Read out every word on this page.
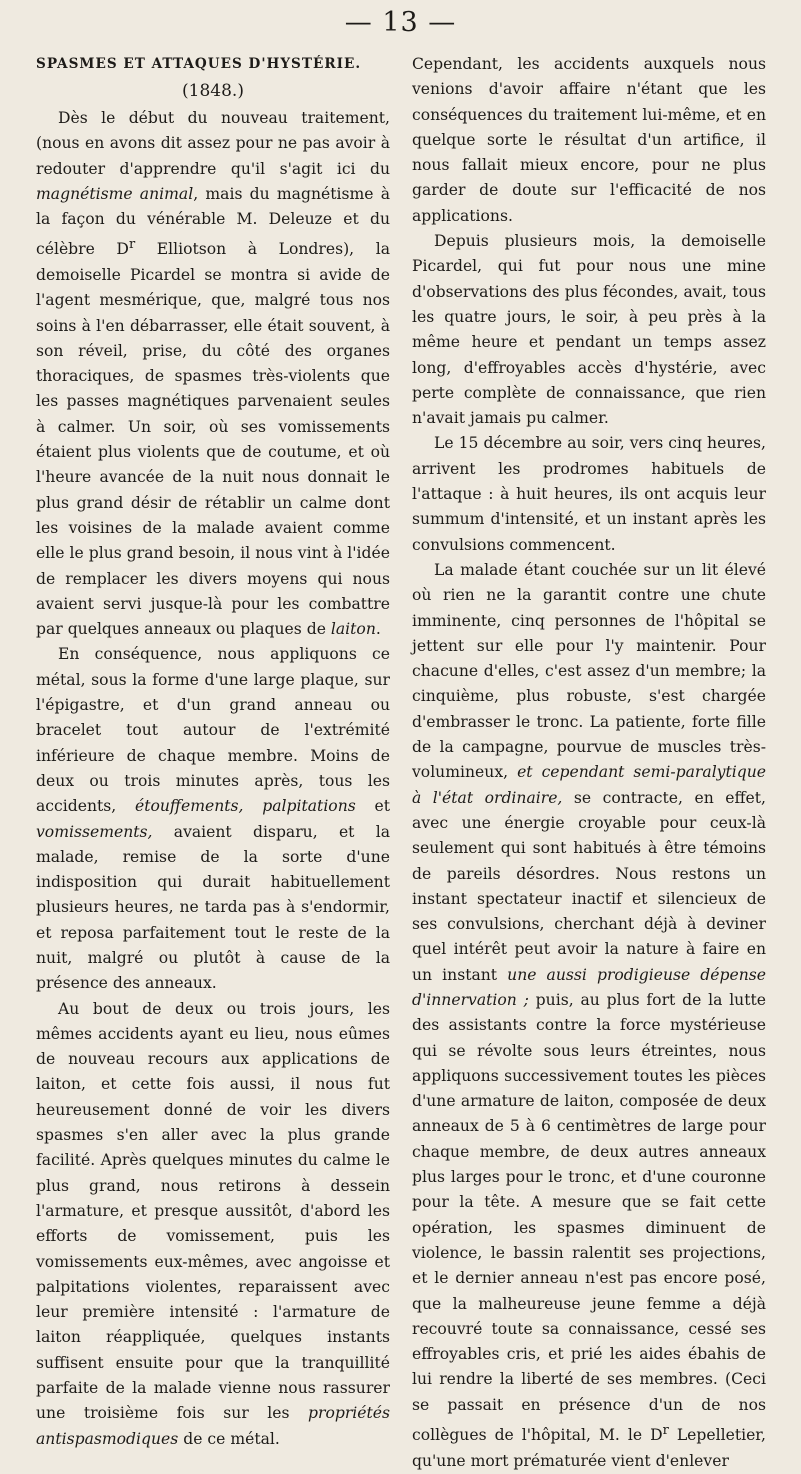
— 13 —
SPASMES ET ATTAQUES D'HYSTÉRIE.
(1848.)

Dès le début du nouveau traitement, (nous en avons dit assez pour ne pas avoir à redouter d'apprendre qu'il s'agit ici du magnétisme animal, mais du magnétisme à la façon du vénérable M. Deleuze et du célèbre $D^r$ Elliotson à Londres), la demoiselle Picardel se montra si avide de l'agent mesmérique, que, malgré tous nos soins à l'en débarrasser, elle était souvent, à son réveil, prise, du côté des organes thoraciques, de spasmes très-violents que les passes magnétiques parvenaient seules à calmer. Un soir, où ses vomissements étaient plus violents que de coutume, et où l'heure avancée de la nuit nous donnait le plus grand désir de rétablir un calme dont les voisines de la malade avaient comme elle le plus grand besoin, il nous vint à l'idée de remplacer les divers moyens qui nous avaient servi jusque-là pour les combattre par quelques anneaux ou plaques de laiton.

En conséquence, nous appliquons ce métal, sous la forme d'une large plaque, sur l'épigastre, et d'un grand anneau ou bracelet tout autour de l'extrémité inférieure de chaque membre. Moins de deux ou trois minutes après, tous les accidents, étouffements, palpitations et vomissements, avaient disparu, et la malade, remise de la sorte d'une indisposition qui durait habituellement plusieurs heures, ne tarda pas à s'endormir, et reposa parfaitement tout le reste de la nuit, malgré ou plutôt à cause de la présence des anneaux.

Au bout de deux ou trois jours, les mêmes accidents ayant eu lieu, nous eûmes de nouveau recours aux applications de laiton, et cette fois aussi, il nous fut heureusement donné de voir les divers spasmes s'en aller avec la plus grande facilité. Après quelques minutes du calme le plus grand, nous retirons à dessein l'armature, et presque aussitôt, d'abord les efforts de vomissement, puis les vomissements eux-mêmes, avec angoisse et palpitations violentes, reparaissent avec leur première intensité : l'armature de laiton réappliquée, quelques instants suffisent ensuite pour que la tranquillité parfaite de la malade vienne nous rassurer une troisième fois sur les propriétés antispasmodiques de ce métal.

Cependant, les accidents auxquels nous venions d'avoir affaire n'étant que les conséquences du traitement lui-même, et en quelque sorte le résultat d'un artifice, il nous fallait mieux encore, pour ne plus garder de doute sur l'efficacité de nos applications.

Depuis plusieurs mois, la demoiselle Picardel, qui fut pour nous une mine d'observations des plus fécondes, avait, tous les quatre jours, le soir, à peu près à la même heure et pendant un temps assez long, d'effroyables accès d'hystérie, avec perte complète de connaissance, que rien n'avait jamais pu calmer.

Le 15 décembre au soir, vers cinq heures, arrivent les prodromes habituels de l'attaque : à huit heures, ils ont acquis leur summum d'intensité, et un instant après les convulsions commencent.

La malade étant couchée sur un lit élevé où rien ne la garantit contre une chute imminente, cinq personnes de l'hôpital se jettent sur elle pour l'y maintenir. Pour chacune d'elles, c'est assez d'un membre; la cinquième, plus robuste, s'est chargée d'embrasser le tronc. La patiente, forte fille de la campagne, pourvue de muscles très-volumineux, et cependant semi-paralytique à l'état ordinaire, se contracte, en effet, avec une énergie croyable pour ceux-là seulement qui sont habitués à être témoins de pareils désordres. Nous restons un instant spectateur inactif et silencieux de ses convulsions, cherchant déjà à deviner quel intérêt peut avoir la nature à faire en un instant une aussi prodigieuse dépense d'innervation ; puis, au plus fort de la lutte des assistants contre la force mystérieuse qui se révolte sous leurs étreintes, nous appliquons successivement toutes les pièces d'une armature de laiton, composée de deux anneaux de 5 à 6 centimètres de large pour chaque membre, de deux autres anneaux plus larges pour le tronc, et d'une couronne pour la tête. A mesure que se fait cette opération, les spasmes diminuent de violence, le bassin ralentit ses projections, et le dernier anneau n'est pas encore posé, que la malheureuse jeune femme a déjà recouvré toute sa connaissance, cessé ses effroyables cris, et prié les aides ébahis de lui rendre la liberté de ses membres. (Ceci se passait en présence d'un de nos collègues de l'hôpital, M. le $D^r$ Lepelletier, qu'une mort prématurée vient d'enlever
